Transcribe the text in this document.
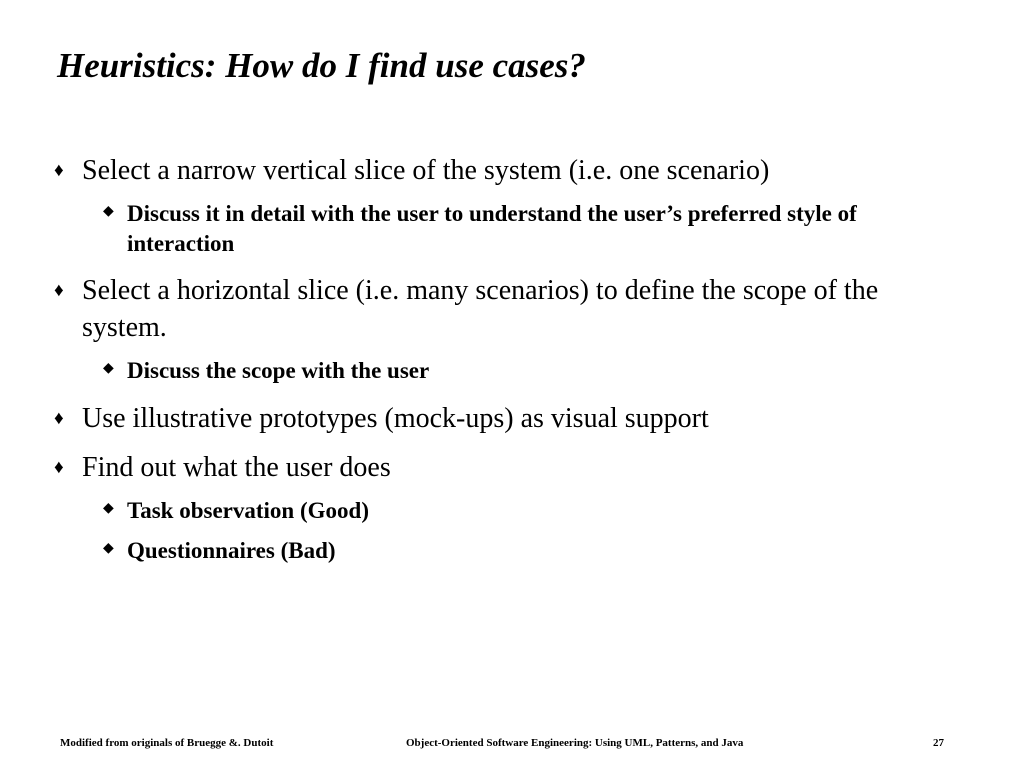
Heuristics: How do I find use cases?
♦ Select a narrow vertical slice of the system (i.e. one scenario)
◆ Discuss it in detail with the user to understand the user’s preferred style of interaction
♦ Select a horizontal slice (i.e. many scenarios) to define the scope of the system.
◆ Discuss the scope with the user
♦ Use illustrative prototypes (mock-ups) as visual support
♦ Find out what the user does
◆ Task observation (Good)
◆ Questionnaires (Bad)
Modified from originals of Bruegge &. Dutoit	Object-Oriented Software Engineering: Using UML, Patterns, and Java	27
